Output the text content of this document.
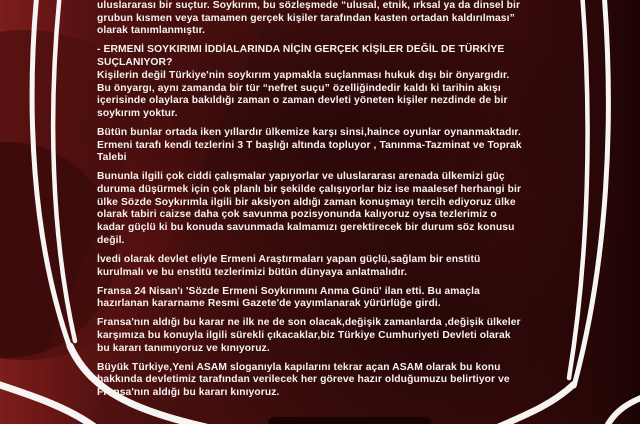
uluslararası bir suçtur. Soykırım, bu sözleşmede “ulusal, etnik, ırksal ya da dinsel bir grubun kısmen veya tamamen gerçek kişiler tarafından kasten ortadan kaldırılması” olarak tanımlanmıştır.

- ERMENİ SOYKIRIMI İDDİALARINDA NİÇİN GERÇEK KİŞİLER DEĞİL DE TÜRKİYE SUÇLANIYOR?

Kişilerin değil Türkiye'nin soykırım yapmakla suçlanması hukuk dışı bir önyargıdır. Bu önyargı, aynı zamanda bir tür “nefret suçu” özelliğindedir kaldı ki tarihin akışı içerisinde olaylara bakıldığı zaman o zaman devleti yöneten kişiler nezdinde de bir soykırım yoktur.

Bütün bunlar ortada iken yıllardır ülkemize karşı sinsi,haince oyunlar oynanmaktadır. Ermeni tarafı kendi tezlerini 3 T başlığı altında topluyor , Tanınma-Tazminat ve Toprak Talebi

Bununla ilgili çok ciddi çalışmalar yapıyorlar ve uluslararası arenada ülkemizi güç duruma düşürmek için çok planlı bir şekilde çalışıyorlar biz ise maalesef herhangi bir ülke Sözde Soykırımla ilgili bir aksiyon aldığı zaman konuşmayı tercih ediyoruz ülke olarak tabiri caizse daha çok savunma pozisyonunda kalıyoruz oysa tezlerimiz o kadar güçlü ki bu konuda savunmada kalmamızı gerektirecek bir durum söz konusu değil.

İvedi olarak devlet eliyle Ermeni Araştırmaları yapan güçlü,sağlam bir enstitü kurulmalı ve bu enstitü tezlerimizi bütün dünyaya anlatmalıdır.

Fransa 24 Nisan'ı 'Sözde Ermeni Soykırımını Anma Günü' ilan etti. Bu amaçla hazırlanan kararname Resmi Gazete'de yayımlanarak yürürlüğe girdi.

Fransa'nın aldığı bu karar ne ilk ne de son olacak,değişik zamanlarda ,değişik ülkeler karşımıza bu konuyla ilgili sürekli çıkacaklar,biz Türkiye Cumhuriyeti Devleti olarak bu kararı tanımıyoruz ve kınıyoruz.

Büyük Türkiye,Yeni ASAM sloganıyla kapılarını tekrar açan ASAM olarak bu konu hakkında devletimiz tarafından verilecek her göreve hazır olduğumuzu belirtiyor ve Fransa'nın aldığı bu kararı kınıyoruz.
